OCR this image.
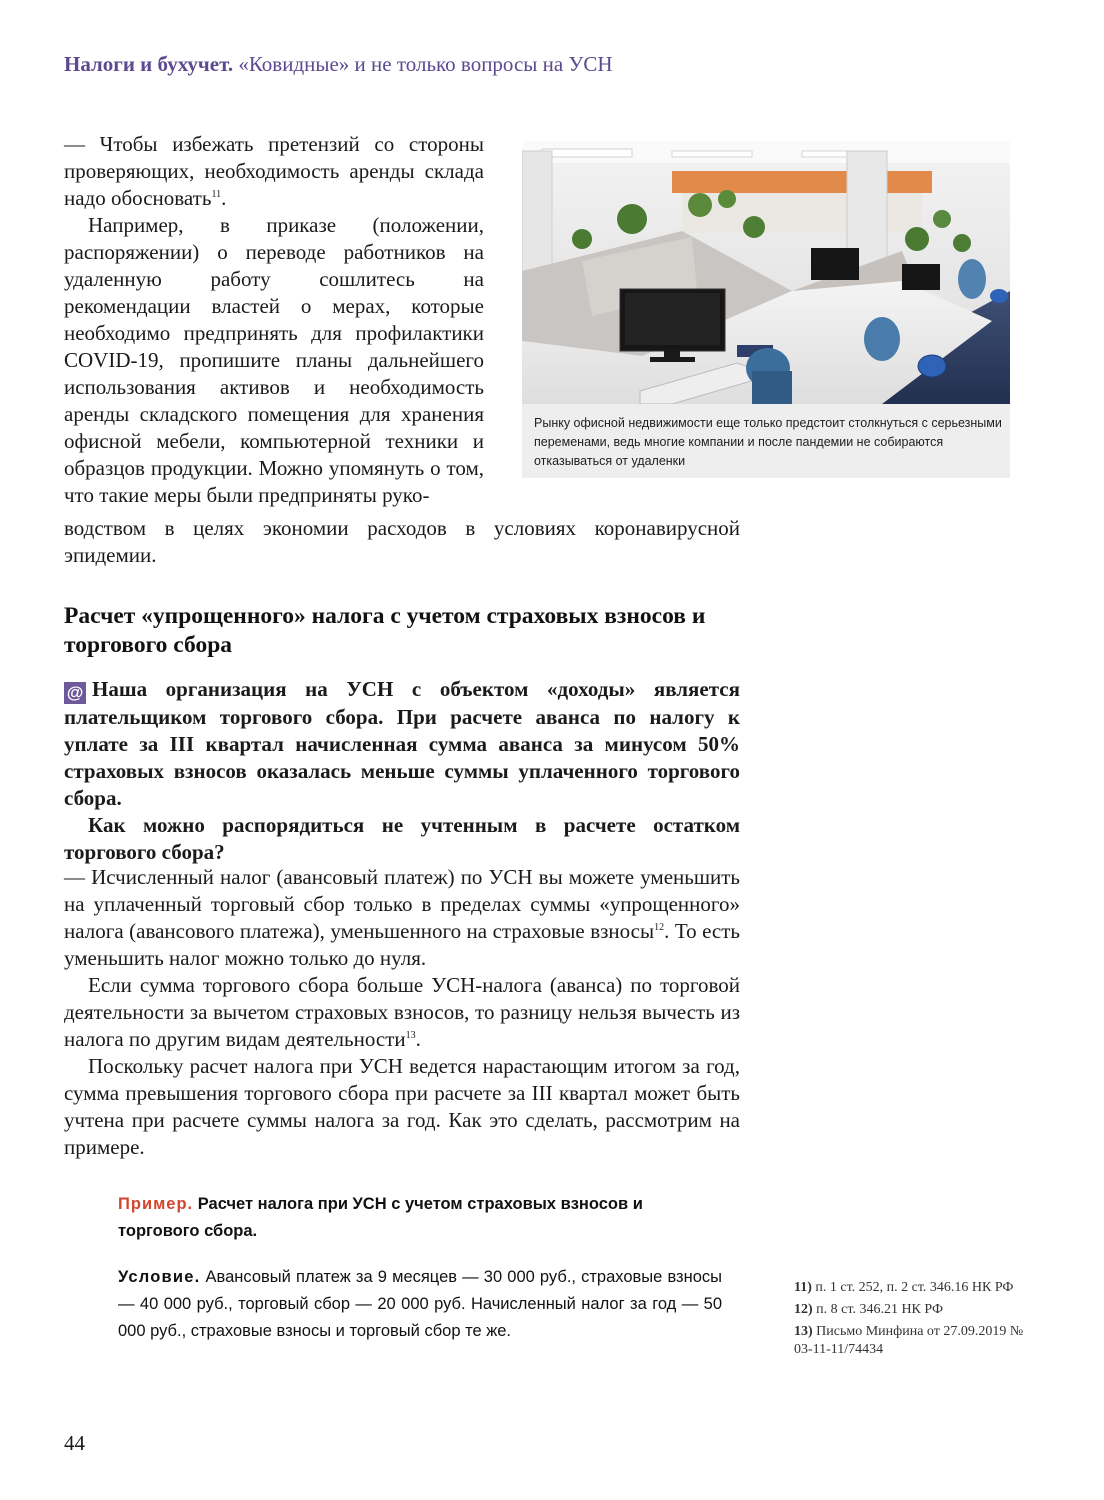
Налоги и бухучет. «Ковидные» и не только вопросы на УСН

— Чтобы избежать претензий со стороны проверяющих, необходимость аренды склада надо обосновать$^{11}$.

Например, в приказе (положении, распоряжении) о переводе работников на удаленную работу сошлитесь на рекомендации властей о мерах, которые необходимо предпринять для профилактики COVID-19, пропишите планы дальнейшего использования активов и необходимость аренды складского помещения для хранения офисной мебели, компьютерной техники и образцов продукции. Можно упомянуть о том, что такие меры были предприняты руко-

водством в целях экономии расходов в условиях коронавирусной эпидемии.

Рынку офисной недвижимости еще только предстоит столкнуться с серьезными переменами, ведь многие компании и после пандемии не собираются отказываться от удаленки
Расчет «упрощенного» налога с учетом страховых взносов и торгового сбора

@ Наша организация на УСН с объектом «доходы» является плательщиком торгового сбора. При расчете аванса по налогу к уплате за III квартал начисленная сумма аванса за минусом 50% страховых взносов оказалась меньше суммы уплаченного торгового сбора.

Как можно распорядиться не учтенным в расчете остатком торгового сбора?

— Исчисленный налог (авансовый платеж) по УСН вы можете уменьшить на уплаченный торговый сбор только в пределах суммы «упрощенного» налога (авансового платежа), уменьшенного на страховые взносы$^{12}$. То есть уменьшить налог можно только до нуля.

Если сумма торгового сбора больше УСН-налога (аванса) по торговой деятельности за вычетом страховых взносов, то разницу нельзя вычесть из налога по другим видам деятельности$^{13}$.

Поскольку расчет налога при УСН ведется нарастающим итогом за год, сумма превышения торгового сбора при расчете за III квартал может быть учтена при расчете суммы налога за год. Как это сделать, рассмотрим на примере.

Пример. Расчет налога при УСН с учетом страховых взносов и торгового сбора.

Условие. Авансовый платеж за 9 месяцев — 30 000 руб., страховые взносы — 40 000 руб., торговый сбор — 20 000 руб. Начисленный налог за год — 50 000 руб., страховые взносы и торговый сбор те же.

11) п. 1 ст. 252, п. 2 ст. 346.16 НК РФ

12) п. 8 ст. 346.21 НК РФ

13) Письмо Минфина от 27.09.2019 № 03-11-11/74434

44
